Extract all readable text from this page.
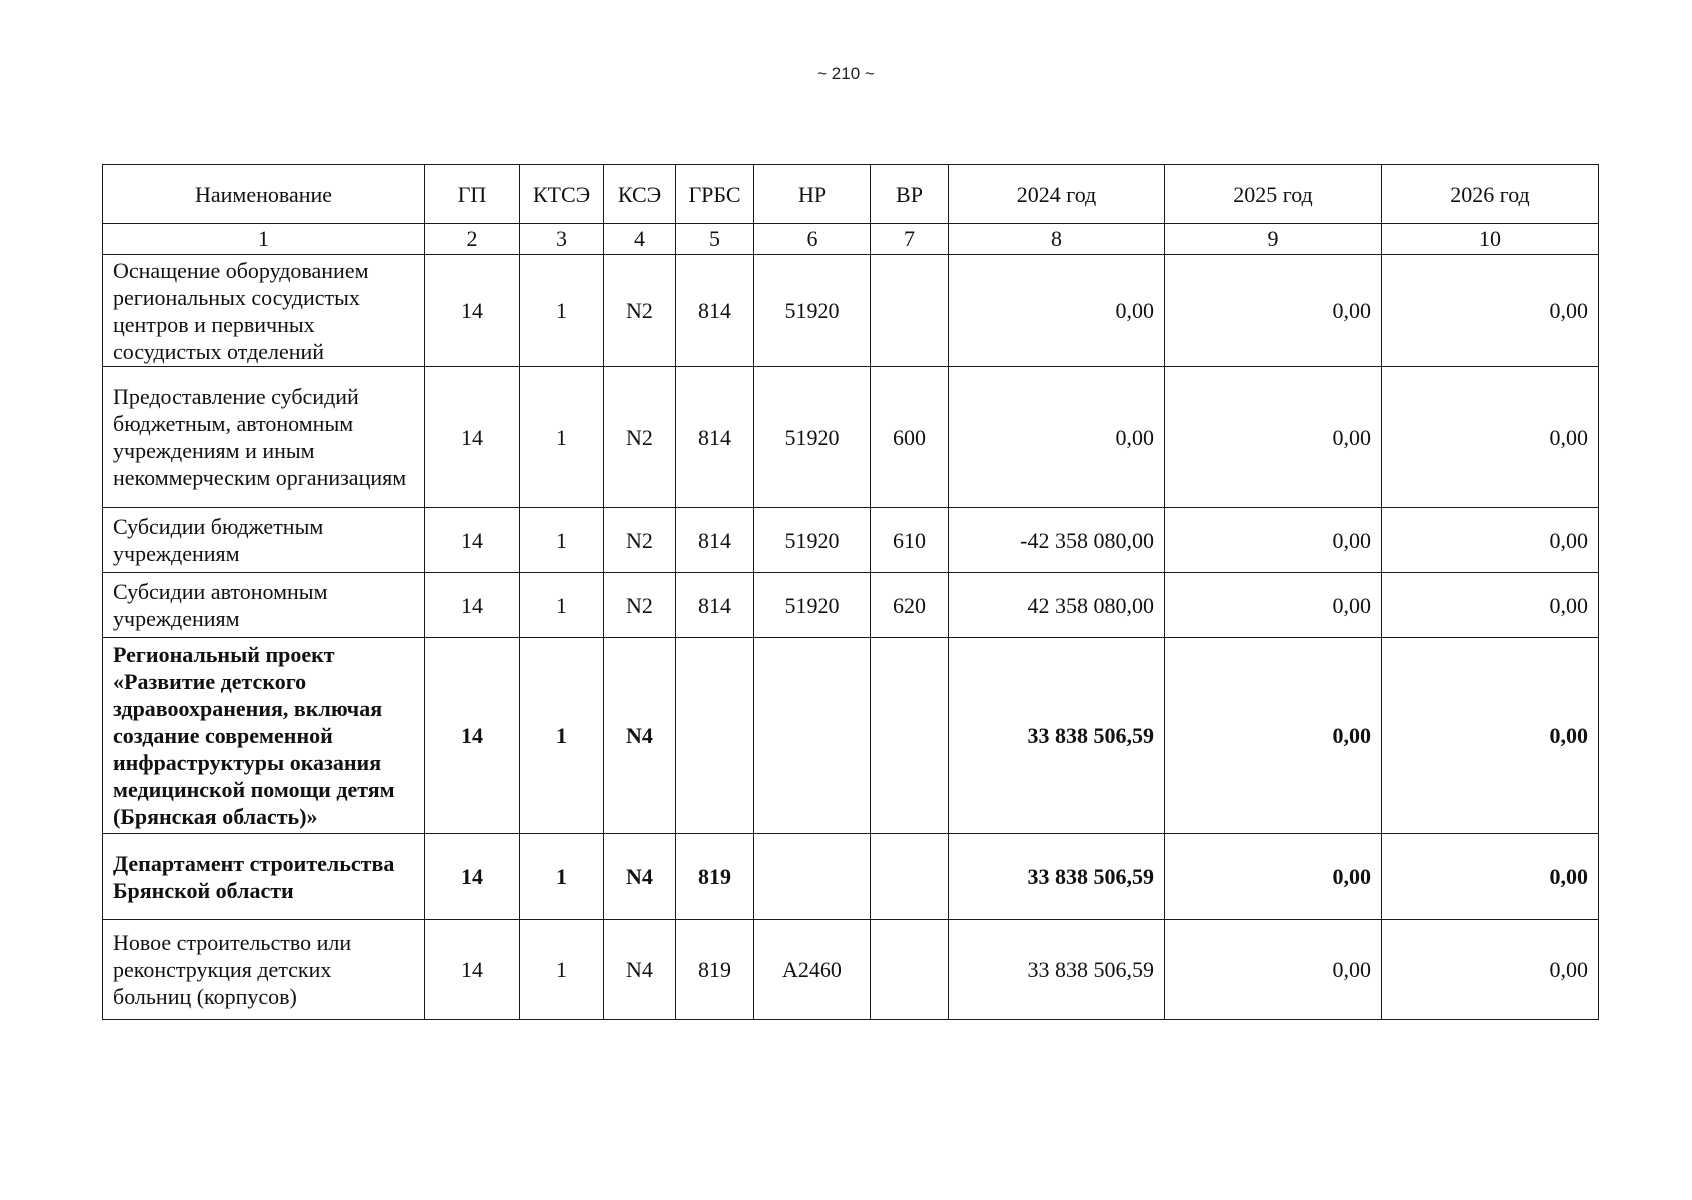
~ 210 ~
Наименование	ГП	КТСЭ	КСЭ	ГРБС	НР	ВР	2024 год	2025 год	2026 год
1	2	3	4	5	6	7	8	9	10
Оснащение оборудованием региональных сосудистых центров и первичных сосудистых отделений	14	1	N2	814	51920		0,00	0,00	0,00
Предоставление субсидий бюджетным, автономным учреждениям и иным некоммерческим организациям	14	1	N2	814	51920	600	0,00	0,00	0,00
Субсидии бюджетным учреждениям	14	1	N2	814	51920	610	-42 358 080,00	0,00	0,00
Субсидии автономным учреждениям	14	1	N2	814	51920	620	42 358 080,00	0,00	0,00
Региональный проект «Развитие детского здравоохранения, включая создание современной инфраструктуры оказания медицинской помощи детям (Брянская область)»	14	1	N4				33 838 506,59	0,00	0,00
Департамент строительства Брянской области	14	1	N4	819			33 838 506,59	0,00	0,00
Новое строительство или реконструкция детских больниц (корпусов)	14	1	N4	819	А2460		33 838 506,59	0,00	0,00
